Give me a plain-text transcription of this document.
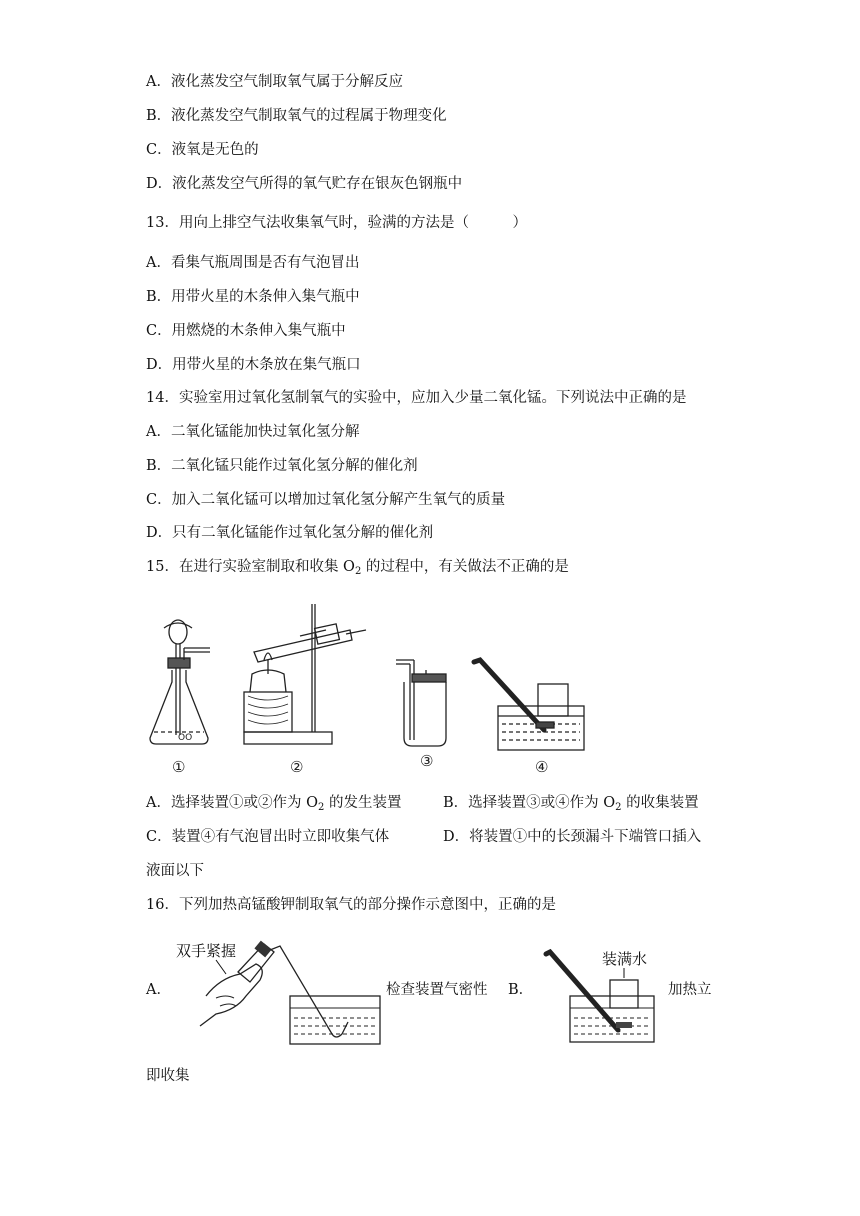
A．液化蒸发空气制取氧气属于分解反应
B．液化蒸发空气制取氧气的过程属于物理变化
C．液氧是无色的
D．液化蒸发空气所得的氧气贮存在银灰色钢瓶中
13．用向上排空气法收集氧气时，验满的方法是（　　　）
A．看集气瓶周围是否有气泡冒出
B．用带火星的木条伸入集气瓶中
C．用燃烧的木条伸入集气瓶中
D．用带火星的木条放在集气瓶口
14．实验室用过氧化氢制氧气的实验中，应加入少量二氧化锰。下列说法中正确的是
A．二氧化锰能加快过氧化氢分解
B．二氧化锰只能作过氧化氢分解的催化剂
C．加入二氧化锰可以增加过氧化氢分解产生氧气的质量
D．只有二氧化锰能作过氧化氢分解的催化剂
15．在进行实验室制取和收集 $O_2$ 的过程中，有关做法不正确的是
OO
①	②	③	④
A．选择装置①或②作为 $O_2$ 的发生装置	B．选择装置③或④作为 $O_2$ 的收集装置
C．装置④有气泡冒出时立即收集气体	D．将装置①中的长颈漏斗下端管口插入
液面以下
16．下列加热高锰酸钾制取氧气的部分操作示意图中，正确的是
A．
双手紧握
检查装置气密性 B．
装满水
加热立
即收集
